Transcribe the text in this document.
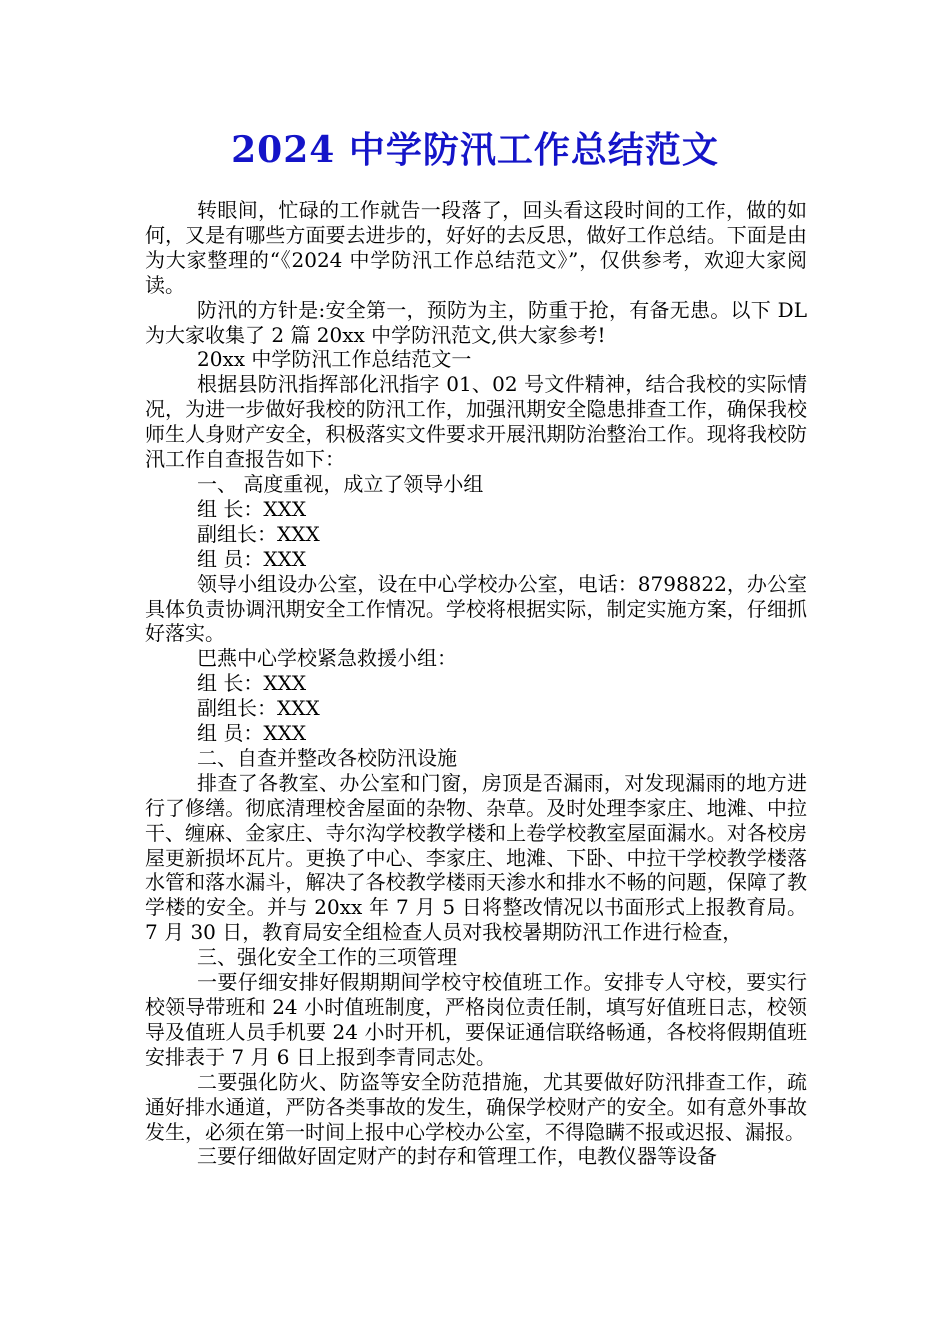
2024 中学防汛工作总结范文

转眼间，忙碌的工作就告一段落了，回头看这段时间的工作，做的如何，又是有哪些方面要去进步的，好好的去反思，做好工作总结。下面是由为大家整理的“《2024 中学防汛工作总结范文》”，仅供参考，欢迎大家阅读。

防汛的方针是:安全第一，预防为主，防重于抢，有备无患。以下 DL 为大家收集了 2 篇 20xx 中学防汛范文,供大家参考!

20xx 中学防汛工作总结范文一

根据县防汛指挥部化汛指字 01、02 号文件精神，结合我校的实际情况，为进一步做好我校的防汛工作，加强汛期安全隐患排查工作，确保我校师生人身财产安全，积极落实文件要求开展汛期防治整治工作。现将我校防汛工作自查报告如下：

一、 高度重视，成立了领导小组

组 长：XXX

副组长：XXX

组 员：XXX

领导小组设办公室，设在中心学校办公室，电话：8798822，办公室具体负责协调汛期安全工作情况。学校将根据实际，制定实施方案，仔细抓好落实。

巴燕中心学校紧急救援小组：

组 长：XXX

副组长：XXX

组 员：XXX

二、自查并整改各校防汛设施

排查了各教室、办公室和门窗，房顶是否漏雨，对发现漏雨的地方进行了修缮。彻底清理校舍屋面的杂物、杂草。及时处理李家庄、地滩、中拉干、缠麻、金家庄、寺尔沟学校教学楼和上卷学校教室屋面漏水。对各校房屋更新损坏瓦片。更换了中心、李家庄、地滩、下卧、中拉干学校教学楼落水管和落水漏斗，解决了各校教学楼雨天渗水和排水不畅的问题，保障了教学楼的安全。并与 20xx 年 7 月 5 日将整改情况以书面形式上报教育局。7 月 30 日，教育局安全组检查人员对我校暑期防汛工作进行检查，

三、强化安全工作的三项管理

一要仔细安排好假期期间学校守校值班工作。安排专人守校，要实行校领导带班和 24 小时值班制度，严格岗位责任制，填写好值班日志，校领导及值班人员手机要 24 小时开机，要保证通信联络畅通，各校将假期值班安排表于 7 月 6 日上报到李青同志处。

二要强化防火、防盗等安全防范措施，尤其要做好防汛排查工作，疏通好排水通道，严防各类事故的发生，确保学校财产的安全。如有意外事故发生，必须在第一时间上报中心学校办公室，不得隐瞒不报或迟报、漏报。

三要仔细做好固定财产的封存和管理工作，电教仪器等设备
